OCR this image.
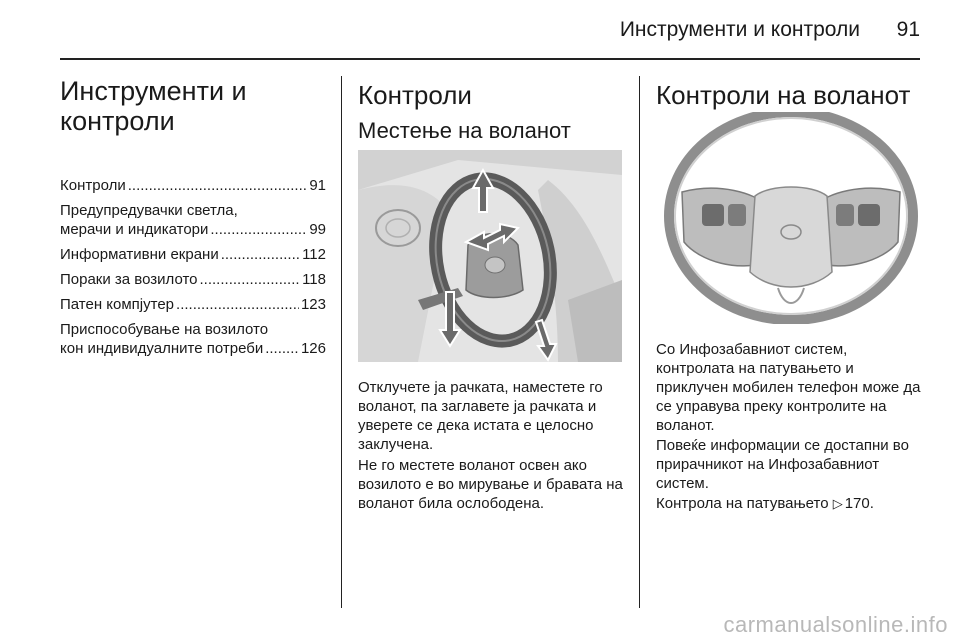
Инструменти и контроли	91
Инструменти и контроли
Контроли .....	91
Предупредувачки светла,
мерачи и индикатори .....	99
Информативни екрани .....	112
Пораки за возилото .....	118
Патен компјутер .....	123
Приспособување на возилото
кон индивидуалните потреби .....	126
Контроли
Местење на воланот

Отклучете ја рачката, наместете го воланот, па заглавете ја рачката и уверете се дека истата е целосно заклучена.

Не го местете воланот освен ако возилото е во мирување и бравата на воланот била ослободена.

Контроли на воланот

Со Инфозабавниот систем, контролата на патувањето и приклучен мобилен телефон може да се управува преку контролите на воланот.

Повеќе информации се достапни во прирачникот на Инфозабавниот систем.

Контрола на патувањето ▷ 170.

carmanualsonline.info
